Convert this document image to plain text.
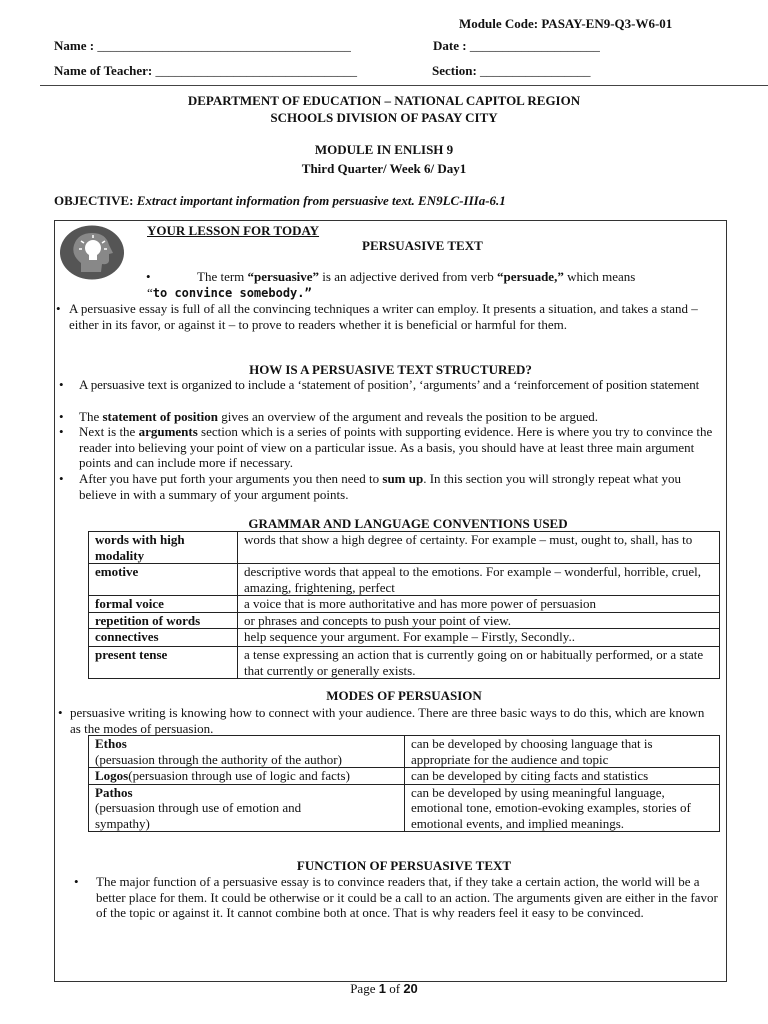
Module Code: PASAY-EN9-Q3-W6-01
Name : _______________________________________	Date : ____________________
Name of Teacher: _______________________________	Section: _________________
DEPARTMENT OF EDUCATION – NATIONAL CAPITOL REGION
SCHOOLS DIVISION OF PASAY CITY
MODULE IN ENLISH 9
Third Quarter/ Week 6/ Day1
OBJECTIVE: Extract important information from persuasive text. EN9LC-IIIa-6.1
YOUR LESSON FOR TODAY
PERSUASIVE TEXT
•	The term “persuasive” is an adjective derived from verb “persuade,” which means
“to convince somebody.”
• A persuasive essay is full of all the convincing techniques a writer can employ. It presents a situation, and takes a stand – either in its favor, or against it – to prove to readers whether it is beneficial or harmful for them.
HOW IS A PERSUASIVE TEXT STRUCTURED?
• A persuasive text is organized to include a ‘statement of position’, ‘arguments’ and a ‘reinforcement of position statement
• The statement of position gives an overview of the argument and reveals the position to be argued.
• Next is the arguments section which is a series of points with supporting evidence. Here is where you try to convince the reader into believing your point of view on a particular issue. As a basis, you should have at least three main argument points and can include more if necessary.
• After you have put forth your arguments you then need to sum up. In this section you will strongly repeat what you believe in with a summary of your argument points.
GRAMMAR AND LANGUAGE CONVENTIONS USED
words with high modality	words that show a high degree of certainty. For example – must, ought to, shall, has to
emotive	descriptive words that appeal to the emotions. For example – wonderful, horrible, cruel, amazing, frightening, perfect
formal voice	a voice that is more authoritative and has more power of persuasion
repetition of words	or phrases and concepts to push your point of view.
connectives	help sequence your argument. For example – Firstly, Secondly..
present tense	a tense expressing an action that is currently going on or habitually performed, or a state that currently or generally exists.
MODES OF PERSUASION
• persuasive writing is knowing how to connect with your audience. There are three basic ways to do this, which are known as the modes of persuasion.
Ethos
(persuasion through the authority of the author)	can be developed by choosing language that is appropriate for the audience and topic
Logos(persuasion through use of logic and facts)	can be developed by citing facts and statistics
Pathos
(persuasion through use of emotion and sympathy)	can be developed by using meaningful language, emotional tone, emotion-evoking examples, stories of emotional events, and implied meanings.
FUNCTION OF PERSUASIVE TEXT
• The major function of a persuasive essay is to convince readers that, if they take a certain action, the world will be a better place for them. It could be otherwise or it could be a call to an action. The arguments given are either in the favor of the topic or against it. It cannot combine both at once. That is why readers feel it easy to be convinced.
Page 1 of 20
